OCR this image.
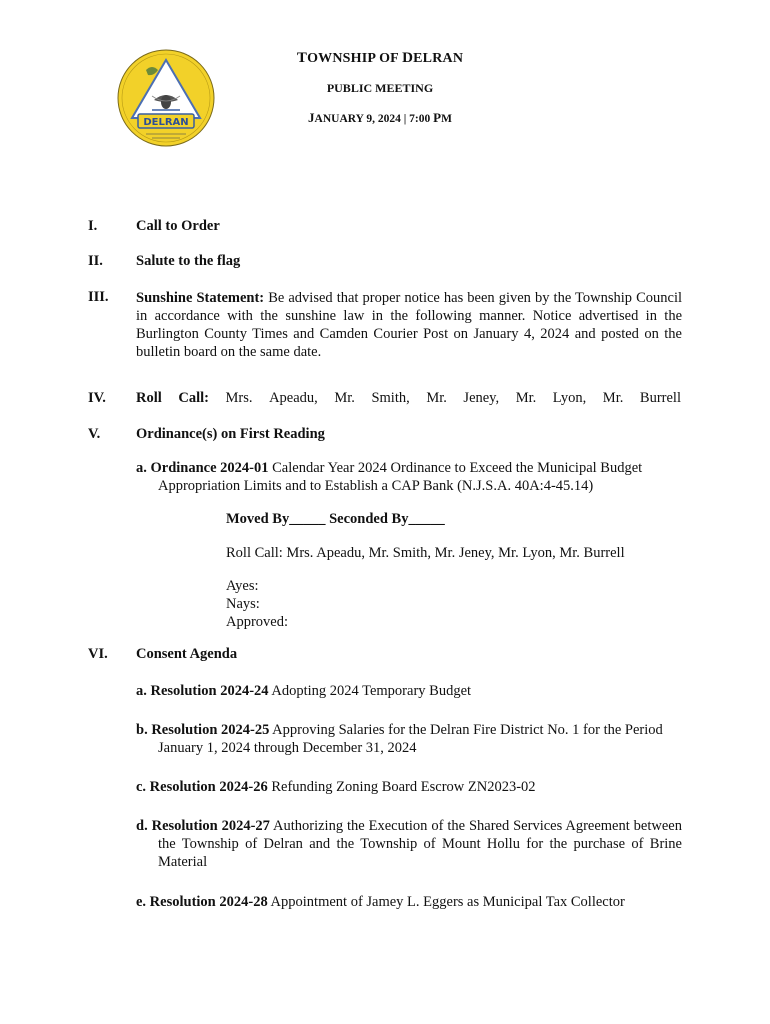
DELRAN
TOWNSHIP OF DELRAN
PUBLIC MEETING
JANUARY 9, 2024 | 7:00 PM
I.	Call to Order
II. Salute to the flag
III. Sunshine Statement: Be advised that proper notice has been given by the Township Council in accordance with the sunshine law in the following manner. Notice advertised in the Burlington County Times and Camden Courier Post on January 4, 2024 and posted on the bulletin board on the same date.
IV. Roll Call: Mrs. Apeadu, Mr. Smith, Mr. Jeney, Mr. Lyon, Mr. Burrell
V. Ordinance(s) on First Reading
a. Ordinance 2024-01 Calendar Year 2024 Ordinance to Exceed the Municipal Budget Appropriation Limits and to Establish a CAP Bank (N.J.S.A. 40A:4-45.14)
Moved By_____ Seconded By_____
Roll Call: Mrs. Apeadu, Mr. Smith, Mr. Jeney, Mr. Lyon, Mr. Burrell
Ayes:
Nays:
Approved:
VI. Consent Agenda
a. Resolution 2024-24 Adopting 2024 Temporary Budget
b. Resolution 2024-25 Approving Salaries for the Delran Fire District No. 1 for the Period January 1, 2024 through December 31, 2024
c. Resolution 2024-26 Refunding Zoning Board Escrow ZN2023-02
d. Resolution 2024-27 Authorizing the Execution of the Shared Services Agreement between the Township of Delran and the Township of Mount Hollu for the purchase of Brine Material
e. Resolution 2024-28 Appointment of Jamey L. Eggers as Municipal Tax Collector
